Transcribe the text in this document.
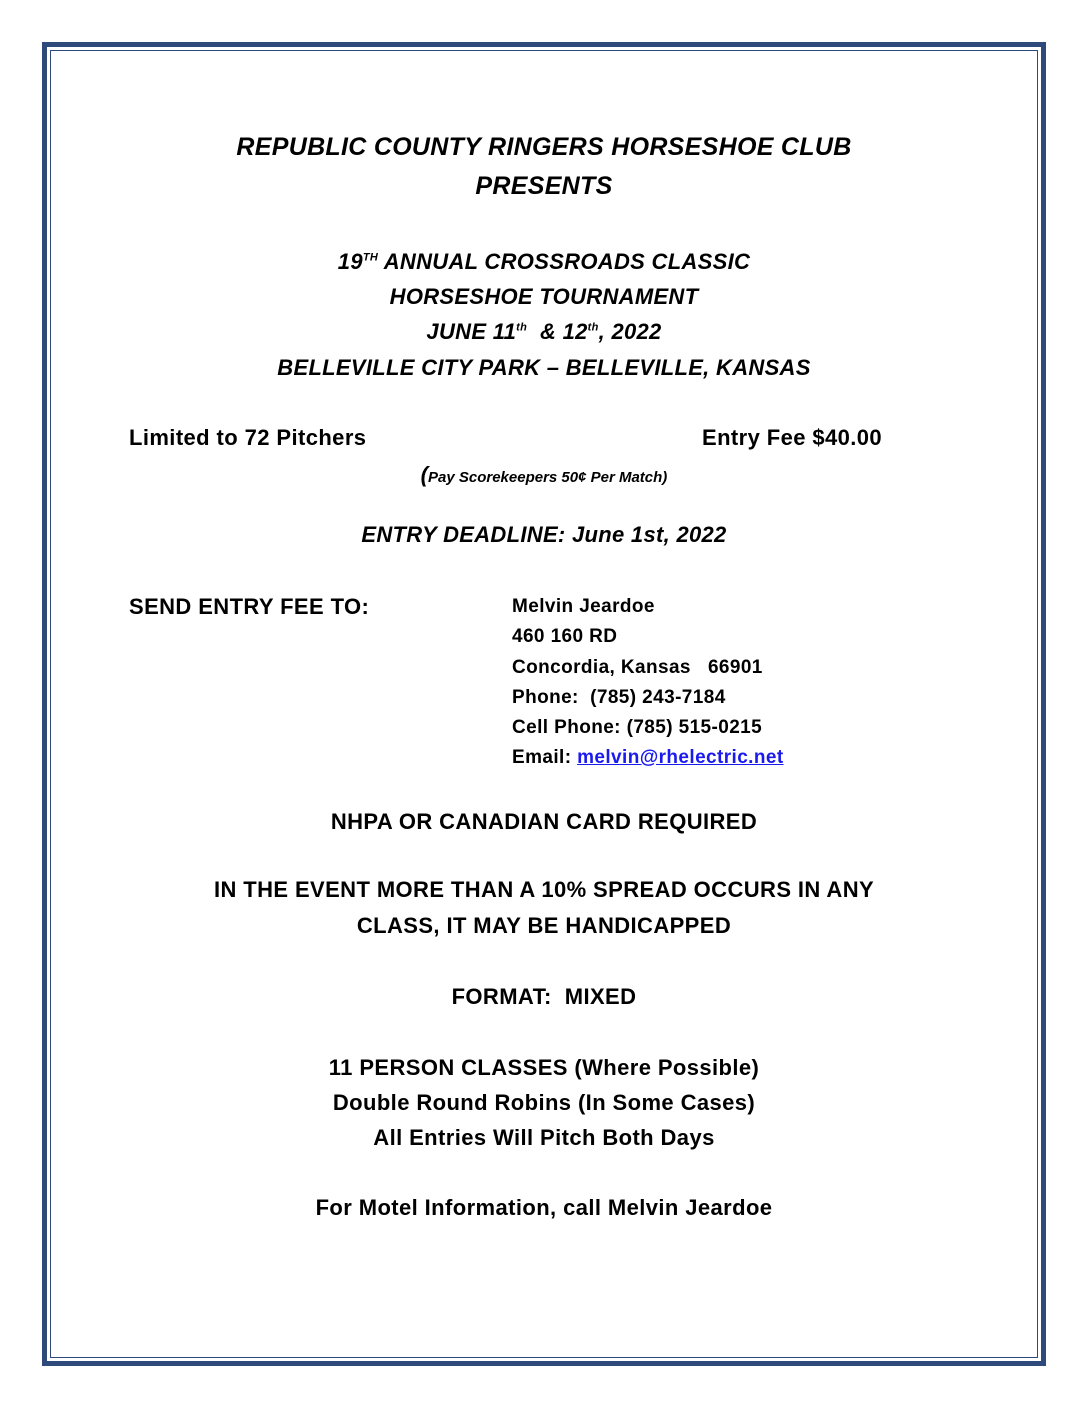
REPUBLIC COUNTY RINGERS HORSESHOE CLUB
PRESENTS
19TH ANNUAL CROSSROADS CLASSIC
HORSESHOE TOURNAMENT
JUNE 11th  & 12th, 2022
BELLEVILLE CITY PARK – BELLEVILLE, KANSAS
Limited to 72 Pitchers	Entry Fee $40.00
(Pay Scorekeepers 50¢ Per Match)
ENTRY DEADLINE: June 1st, 2022
SEND ENTRY FEE TO:	Melvin Jeardoe
460 160 RD
Concordia, Kansas   66901
Phone:  (785) 243-7184
Cell Phone: (785) 515-0215
Email: melvin@rhelectric.net
NHPA OR CANADIAN CARD REQUIRED
IN THE EVENT MORE THAN A 10% SPREAD OCCURS IN ANY
CLASS, IT MAY BE HANDICAPPED
FORMAT:  MIXED
11 PERSON CLASSES (Where Possible)
Double Round Robins (In Some Cases)
All Entries Will Pitch Both Days
For Motel Information, call Melvin Jeardoe
